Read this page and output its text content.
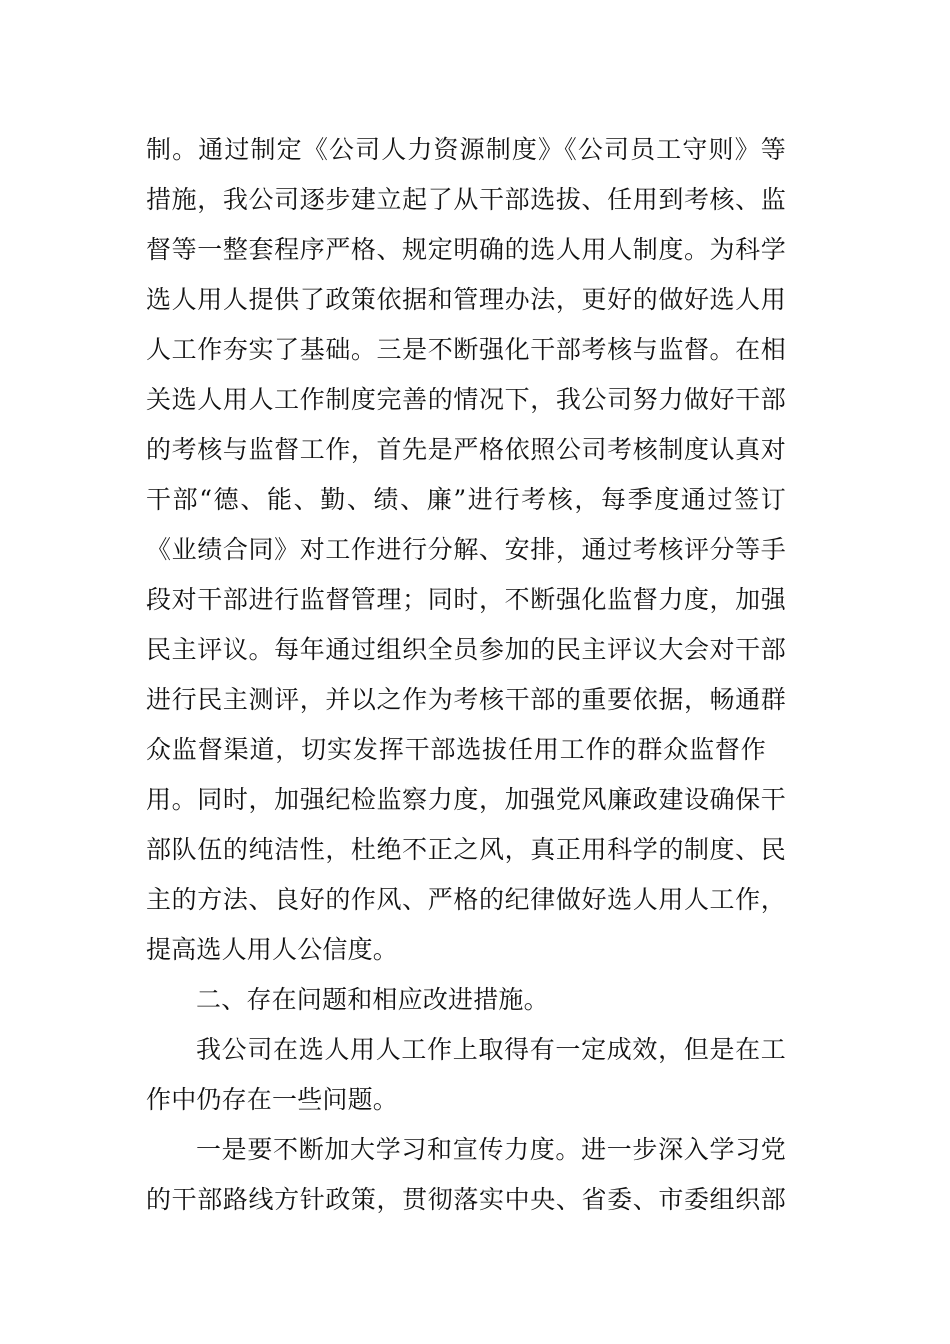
制。通过制定《公司人力资源制度》《公司员工守则》等
措施，我公司逐步建立起了从干部选拔、任用到考核、监
督等一整套程序严格、规定明确的选人用人制度。为科学
选人用人提供了政策依据和管理办法，更好的做好选人用
人工作夯实了基础。三是不断强化干部考核与监督。在相
关选人用人工作制度完善的情况下，我公司努力做好干部
的考核与监督工作，首先是严格依照公司考核制度认真对
干部“德、能、勤、绩、廉”进行考核，每季度通过签订
《业绩合同》对工作进行分解、安排，通过考核评分等手
段对干部进行监督管理；同时，不断强化监督力度，加强
民主评议。每年通过组织全员参加的民主评议大会对干部
进行民主测评，并以之作为考核干部的重要依据，畅通群
众监督渠道，切实发挥干部选拔任用工作的群众监督作
用。同时，加强纪检监察力度，加强党风廉政建设确保干
部队伍的纯洁性，杜绝不正之风，真正用科学的制度、民
主的方法、良好的作风、严格的纪律做好选人用人工作，
提高选人用人公信度。
二、存在问题和相应改进措施。
我公司在选人用人工作上取得有一定成效，但是在工
作中仍存在一些问题。
一是要不断加大学习和宣传力度。进一步深入学习党
的干部路线方针政策，贯彻落实中央、省委、市委组织部
